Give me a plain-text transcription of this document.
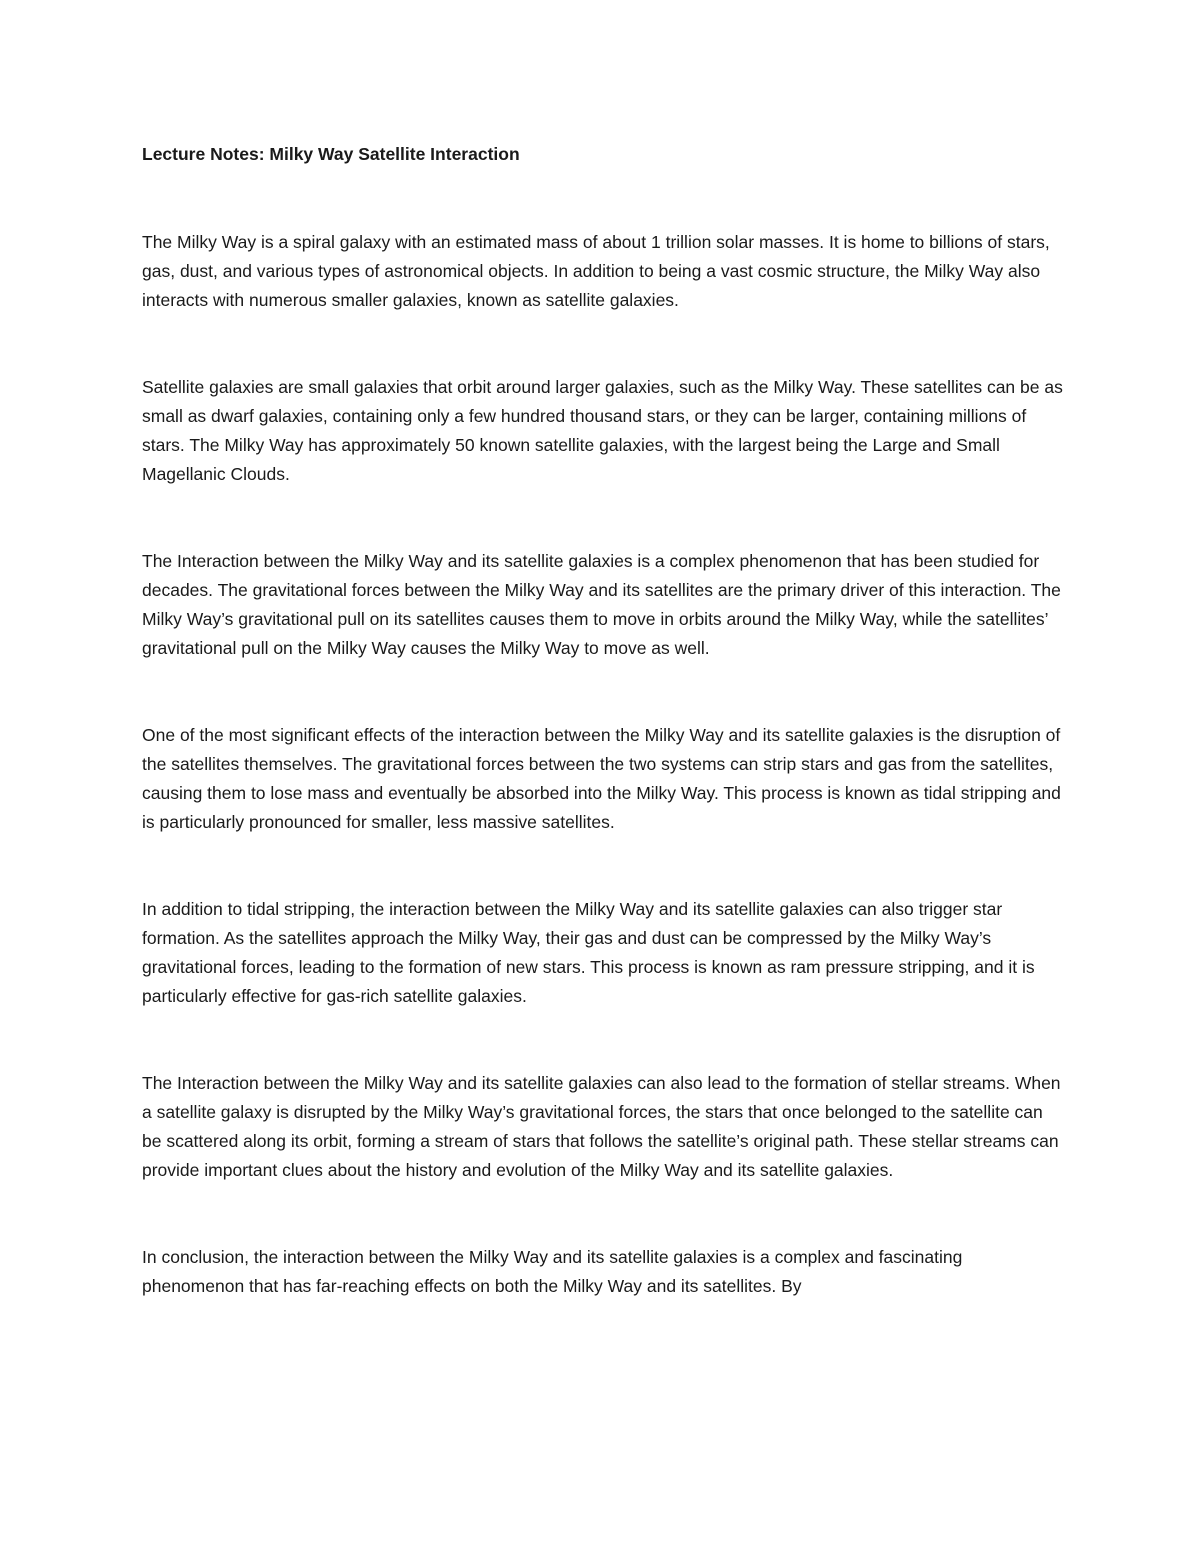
Lecture Notes: Milky Way Satellite Interaction

The Milky Way is a spiral galaxy with an estimated mass of about 1 trillion solar masses. It is home to billions of stars, gas, dust, and various types of astronomical objects. In addition to being a vast cosmic structure, the Milky Way also interacts with numerous smaller galaxies, known as satellite galaxies.

Satellite galaxies are small galaxies that orbit around larger galaxies, such as the Milky Way. These satellites can be as small as dwarf galaxies, containing only a few hundred thousand stars, or they can be larger, containing millions of stars. The Milky Way has approximately 50 known satellite galaxies, with the largest being the Large and Small Magellanic Clouds.

The Interaction between the Milky Way and its satellite galaxies is a complex phenomenon that has been studied for decades. The gravitational forces between the Milky Way and its satellites are the primary driver of this interaction. The Milky Way’s gravitational pull on its satellites causes them to move in orbits around the Milky Way, while the satellites’ gravitational pull on the Milky Way causes the Milky Way to move as well.

One of the most significant effects of the interaction between the Milky Way and its satellite galaxies is the disruption of the satellites themselves. The gravitational forces between the two systems can strip stars and gas from the satellites, causing them to lose mass and eventually be absorbed into the Milky Way. This process is known as tidal stripping and is particularly pronounced for smaller, less massive satellites.

In addition to tidal stripping, the interaction between the Milky Way and its satellite galaxies can also trigger star formation. As the satellites approach the Milky Way, their gas and dust can be compressed by the Milky Way’s gravitational forces, leading to the formation of new stars. This process is known as ram pressure stripping, and it is particularly effective for gas-rich satellite galaxies.

The Interaction between the Milky Way and its satellite galaxies can also lead to the formation of stellar streams. When a satellite galaxy is disrupted by the Milky Way’s gravitational forces, the stars that once belonged to the satellite can be scattered along its orbit, forming a stream of stars that follows the satellite’s original path. These stellar streams can provide important clues about the history and evolution of the Milky Way and its satellite galaxies.

In conclusion, the interaction between the Milky Way and its satellite galaxies is a complex and fascinating phenomenon that has far-reaching effects on both the Milky Way and its satellites. By
